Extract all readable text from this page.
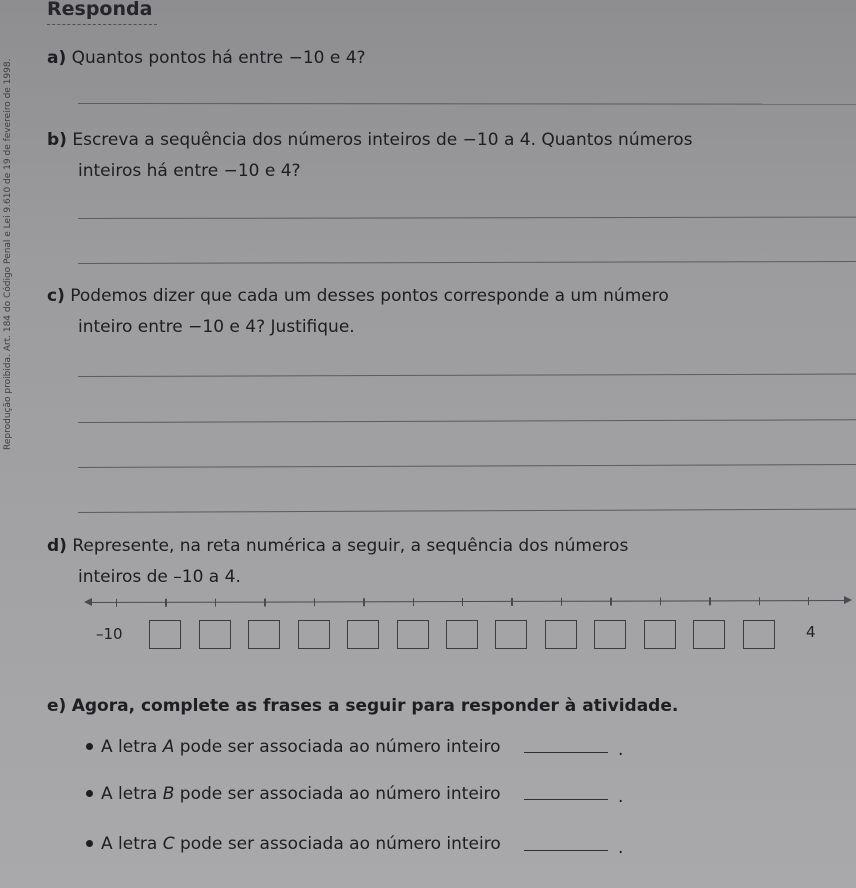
Responda
Reprodução proibida. Art. 184 do Código Penal e Lei 9.610 de 19 de fevereiro de 1998.
a) Quantos pontos há entre −10 e 4?
b) Escreva a sequência dos números inteiros de −10 a 4. Quantos números
inteiros há entre −10 e 4?
c) Podemos dizer que cada um desses pontos corresponde a um número
inteiro entre −10 e 4? Justifique.
d) Represente, na reta numérica a seguir, a sequência dos números
inteiros de –10 a 4.
–10	4
e) Agora, complete as frases a seguir para responder à atividade.
A letra A pode ser associada ao número inteiro	.
A letra B pode ser associada ao número inteiro	.
A letra C pode ser associada ao número inteiro	.
